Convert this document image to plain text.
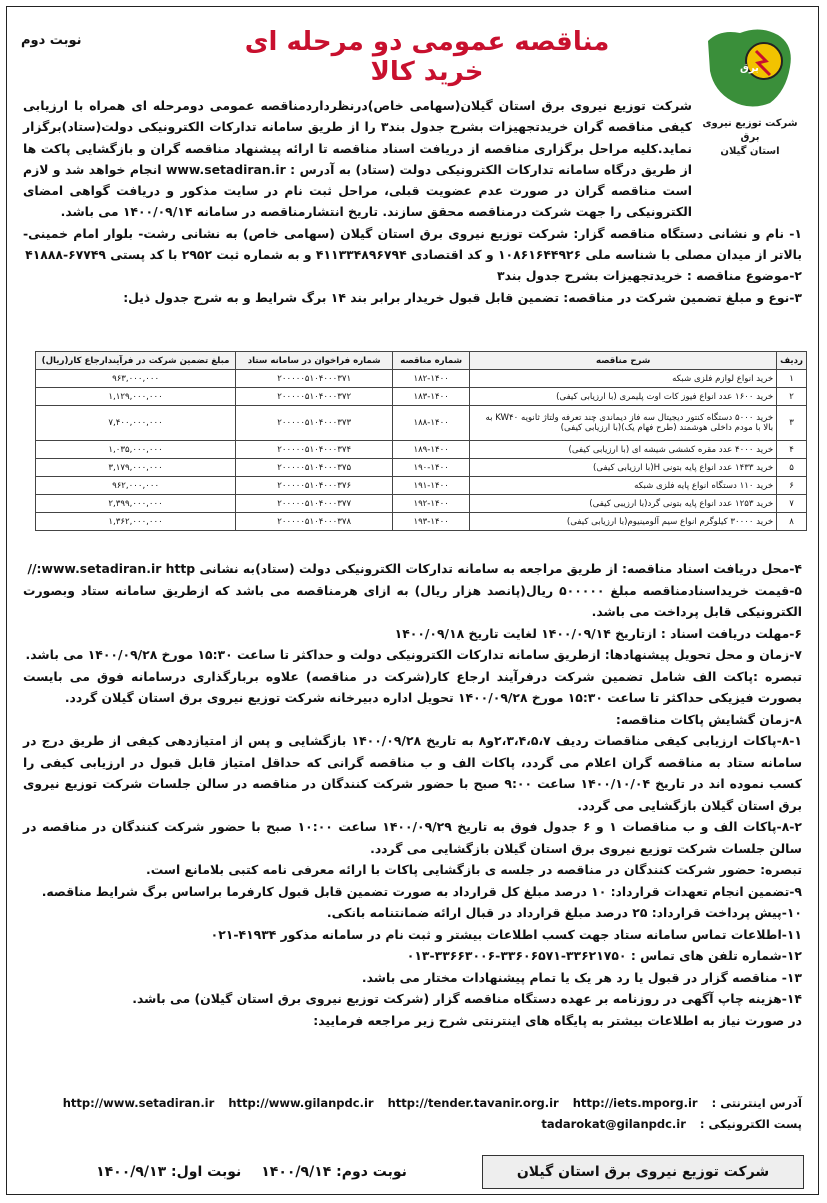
نوبت دوم	مناقصه عمومی دو مرحله ای خرید کالا	برق
شرکت توزیع نیروی برق
استان گیلان

شرکت توزیع نیروی برق استان گیلان(سهامی خاص)درنظرداردمناقصه عمومی دومرحله ای همراه با ارزیابی کیفی مناقصه گران خریدتجهیزات بشرح جدول بند۳ را از طریق سامانه تدارکات الکترونیکی دولت(ستاد)برگزار نماید.کلیه مراحل برگزاری مناقصه از دریافت اسناد مناقصه تا ارائه پیشنهاد مناقصه گران و بازگشایی پاکت ها از طریق درگاه سامانه تدارکات الکترونیکی دولت (ستاد) به آدرس : www.setadiran.ir انجام خواهد شد و لازم است مناقصه گران در صورت عدم عضویت قبلی، مراحل ثبت نام در سایت مذکور و دریافت گواهی امضای الکترونیکی را جهت شرکت درمناقصه محقق سازند. تاریخ انتشارمناقصه در سامانه ۱۴۰۰/۰۹/۱۴ می باشد.

۱- نام و نشانی دستگاه مناقصه گزار: شرکت توزیع نیروی برق استان گیلان (سهامی خاص) به نشانی رشت- بلوار امام خمینی- بالاتر از میدان مصلی با شناسه ملی ۱۰۸۶۱۶۴۴۹۲۶ و کد اقتصادی ۴۱۱۳۳۴۸۹۶۷۹۴ و به شماره ثبت ۲۹۵۲ با کد پستی ۶۷۷۴۹-۴۱۸۸۸

۲-موضوع مناقصه : خریدتجهیزات بشرح جدول بند۳

۳-نوع و مبلغ تضمین شرکت در مناقصه: تضمین قابل قبول خریدار برابر بند ۱۴ برگ شرایط و به شرح جدول ذیل:

ردیف	شرح مناقصه	شماره مناقصه	شماره فراخوان در سامانه ستاد	مبلغ تضمین شرکت در فرآیندارجاع کار(ریال)
۱	خرید انواع لوازم فلزی شبکه	۱۸۲-۱۴۰۰	۲۰۰۰۰۰۵۱۰۴۰۰۰۳۷۱	۹۶۳,۰۰۰,۰۰۰
۲	خرید ۱۶۰۰ عدد انواع فیوز کات اوت پلیمری (با ارزیابی کیفی)	۱۸۳-۱۴۰۰	۲۰۰۰۰۰۵۱۰۴۰۰۰۳۷۲	۱,۱۲۹,۰۰۰,۰۰۰
۳	خرید ۵۰۰۰ دستگاه کنتور دیجیتال سه فاز دیماندی چند تعرفه ولتاژ ثانویه KW۴۰ به بالا با مودم داخلی هوشمند (طرح فهام یک)(با ارزیابی کیفی)	۱۸۸-۱۴۰۰	۲۰۰۰۰۰۵۱۰۴۰۰۰۳۷۳	۷,۴۰۰,۰۰۰,۰۰۰
۴	خرید ۴۰۰۰ عدد مقره کششی شیشه ای (با ارزیابی کیفی)	۱۸۹-۱۴۰۰	۲۰۰۰۰۰۵۱۰۴۰۰۰۳۷۴	۱,۰۳۵,۰۰۰,۰۰۰
۵	خرید ۱۴۳۳ عدد انواع پایه بتونی H(با ارزیابی کیفی)	۱۹۰-۱۴۰۰	۲۰۰۰۰۰۵۱۰۴۰۰۰۳۷۵	۳,۱۷۹,۰۰۰,۰۰۰
۶	خرید ۱۱۰ دستگاه انواع پایه فلزی شبکه	۱۹۱-۱۴۰۰	۲۰۰۰۰۰۵۱۰۴۰۰۰۳۷۶	۹۶۲,۰۰۰,۰۰۰
۷	خرید ۱۲۵۳ عدد انواع پایه بتونی گرد(با ارزیبی کیفی)	۱۹۲-۱۴۰۰	۲۰۰۰۰۰۵۱۰۴۰۰۰۳۷۷	۲,۳۹۹,۰۰۰,۰۰۰
۸	خرید ۳۰۰۰۰ کیلوگرم انواع سیم آلومینیوم(با ارزیابی کیفی)	۱۹۳-۱۴۰۰	۲۰۰۰۰۰۵۱۰۴۰۰۰۳۷۸	۱,۳۶۲,۰۰۰,۰۰۰

۴-محل دریافت اسناد مناقصه: از طریق مراجعه به سامانه تدارکات الکترونیکی دولت (ستاد)به نشانی www.setadiran.ir http://

۵-قیمت خریداسنادمناقصه مبلغ ۵۰۰۰۰۰ ریال(پانصد هزار ریال) به ازای هرمناقصه می باشد که ازطریق سامانه ستاد وبصورت الکترونیکی قابل پرداخت می باشد.

۶-مهلت دریافت اسناد : ازتاریخ ۱۴۰۰/۰۹/۱۴ لغایت تاریخ ۱۴۰۰/۰۹/۱۸

۷-زمان و محل تحویل پیشنهادها: ازطریق سامانه تدارکات الکترونیکی دولت و حداکثر تا ساعت ۱۵:۳۰ مورخ ۱۴۰۰/۰۹/۲۸ می باشد.

تبصره :پاکت الف شامل تضمین شرکت درفرآیند ارجاع کار(شرکت در مناقصه) علاوه بربارگذاری درسامانه فوق می بایست بصورت فیزیکی حداکثر تا ساعت ۱۵:۳۰ مورخ ۱۴۰۰/۰۹/۲۸ تحویل اداره دبیرخانه شرکت توزیع نیروی برق استان گیلان گردد.

۸-زمان گشایش پاکات مناقصه:

۸-۱-پاکات ارزیابی کیفی مناقصات ردیف ۲،۳،۴،۵،۷و۸ به تاریخ ۱۴۰۰/۰۹/۲۸ بازگشایی و پس از امتیازدهی کیفی از طریق درج در سامانه ستاد به مناقصه گران اعلام می گردد، پاکات الف و ب مناقصه گرانی که حداقل امتیاز قابل قبول در ارزیابی کیفی را کسب نموده اند در تاریخ ۱۴۰۰/۱۰/۰۴ ساعت ۹:۰۰ صبح با حضور شرکت کنندگان در مناقصه در سالن جلسات شرکت توزیع نیروی برق استان گیلان بازگشایی می گردد.

۸-۲-پاکات الف و ب مناقصات ۱ و ۶ جدول فوق به تاریخ ۱۴۰۰/۰۹/۲۹ ساعت ۱۰:۰۰ صبح با حضور شرکت کنندگان در مناقصه در سالن جلسات شرکت توزیع نیروی برق استان گیلان بازگشایی می گردد.

تبصره: حضور شرکت کنندگان در مناقصه در جلسه ی بازگشایی پاکات با ارائه معرفی نامه کتبی بلامانع است.

۹-تضمین انجام تعهدات قرارداد: ۱۰ درصد مبلغ کل قرارداد به صورت تضمین قابل قبول کارفرما براساس برگ شرایط مناقصه.

۱۰-پیش پرداخت قرارداد: ۲۵ درصد مبلغ قرارداد در قبال ارائه ضمانتنامه بانکی.

۱۱-اطلاعات تماس سامانه ستاد جهت کسب اطلاعات بیشتر و ثبت نام در سامانه مذکور ۴۱۹۳۴-۰۲۱

۱۲-شماره تلفن های تماس : ۳۳۶۲۱۷۵۰-۳۳۶۰۶۵۷۱-۳۳۶۶۳۰۰۶-۰۱۳

۱۳- مناقصه گزار در قبول یا رد هر یک یا تمام پیشنهادات مختار می باشد.

۱۴-هزینه چاپ آگهی در روزنامه بر عهده دستگاه مناقصه گزار (شرکت توزیع نیروی برق استان گیلان) می باشد.

در صورت نیاز به اطلاعات بیشتر به پایگاه های اینترنتی شرح زیر مراجعه فرمایید:

آدرس اینترنتی :
http://iets.mporg.ir
http://tender.tavanir.org.ir
http://www.gilanpdc.ir
http://www.setadiran.ir
پست الکترونیکی :
tadarokat@gilanpdc.ir
نوبت دوم: ۱۴۰۰/۹/۱۴
نوبت اول: ۱۴۰۰/۹/۱۳	شرکت توزیع نیروی برق استان گیلان
